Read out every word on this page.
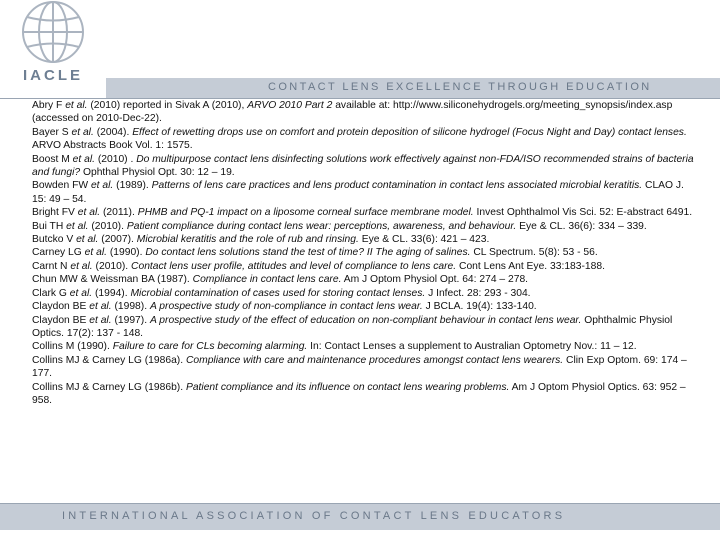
IACLE
CONTACT LENS EXCELLENCE THROUGH EDUCATION

Abry F et al. (2010) reported in Sivak A (2010), ARVO 2010 Part 2 available at: http://www.siliconehydrogels.org/meeting_synopsis/index.asp (accessed on 2010-Dec-22).

Bayer S et al. (2004). Effect of rewetting drops use on comfort and protein deposition of silicone hydrogel (Focus Night and Day) contact lenses. ARVO Abstracts Book Vol. 1: 1575.

Boost M et al. (2010) . Do multipurpose contact lens disinfecting solutions work effectively against non-FDA/ISO recommended strains of bacteria and fungi? Ophthal Physiol Opt. 30: 12 – 19.

Bowden FW et al. (1989). Patterns of lens care practices and lens product contamination in contact lens associated microbial keratitis. CLAO J. 15: 49 – 54.

Bright FV et al. (2011). PHMB and PQ-1 impact on a liposome corneal surface membrane model. Invest Ophthalmol Vis Sci. 52: E-abstract 6491.

Bui TH et al. (2010). Patient compliance during contact lens wear: perceptions, awareness, and behaviour. Eye & CL. 36(6): 334 – 339.

Butcko V et al. (2007). Microbial keratitis and the role of rub and rinsing. Eye & CL. 33(6): 421 – 423.

Carney LG et al. (1990). Do contact lens solutions stand the test of time? II The aging of salines. CL Spectrum. 5(8): 53 - 56.

Carnt N et al. (2010). Contact lens user profile, attitudes and level of compliance to lens care. Cont Lens Ant Eye. 33:183-188.

Chun MW & Weissman BA (1987). Compliance in contact lens care. Am J Optom Physiol Opt. 64: 274 – 278.

Clark G et al. (1994). Microbial contamination of cases used for storing contact lenses. J Infect. 28: 293 - 304.

Claydon BE et al. (1998). A prospective study of non-compliance in contact lens wear. J BCLA. 19(4): 133-140.

Claydon BE et al. (1997). A prospective study of the effect of education on non-compliant behaviour in contact lens wear. Ophthalmic Physiol Optics. 17(2): 137 - 148.

Collins M (1990). Failure to care for CLs becoming alarming. In: Contact Lenses a supplement to Australian Optometry Nov.: 11 – 12.

Collins MJ & Carney LG (1986a). Compliance with care and maintenance procedures amongst contact lens wearers. Clin Exp Optom. 69: 174 – 177.

Collins MJ & Carney LG (1986b). Patient compliance and its influence on contact lens wearing problems. Am J Optom Physiol Optics. 63: 952 – 958.

INTERNATIONAL ASSOCIATION OF CONTACT LENS EDUCATORS
